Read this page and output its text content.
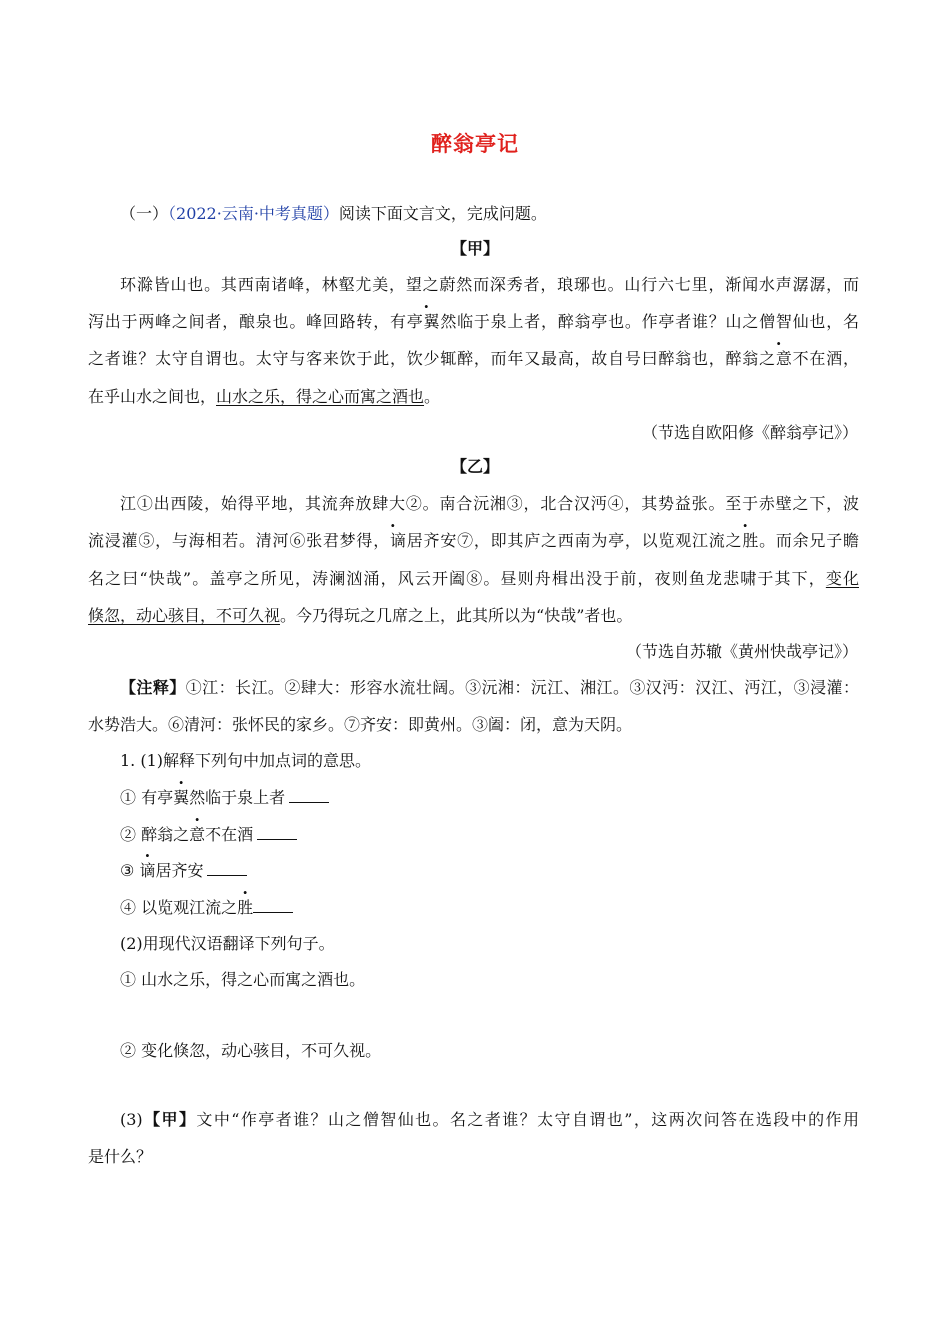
醉翁亭记
（一）（2022·云南·中考真题）阅读下面文言文，完成问题。
【甲】
环滁皆山也。其西南诸峰，林壑尤美，望之蔚然而深秀者，琅琊也。山行六七里，渐闻水声潺潺，而
泻出于两峰之间者，酿泉也。峰回路转，有亭翼然临于泉上者，醉翁亭也。作亭者谁？山之僧智仙也，名
之者谁？太守自谓也。太守与客来饮于此，饮少辄醉，而年又最高，故自号曰醉翁也，醉翁之意不在酒，
在乎山水之间也，山水之乐，得之心而寓之酒也。
（节选自欧阳修《醉翁亭记》）
【乙】
江①出西陵，始得平地，其流奔放肆大②。南合沅湘③，北合汉沔④，其势益张。至于赤壁之下，波
流浸灌⑤，与海相若。清河⑥张君梦得，谪居齐安⑦，即其庐之西南为亭，以览观江流之胜。而余兄子瞻
名之曰“快哉”。盖亭之所见，涛澜汹涌，风云开阖⑧。昼则舟楫出没于前，夜则鱼龙悲啸于其下，变化
倏忽，动心骇目，不可久视。今乃得玩之几席之上，此其所以为“快哉”者也。
（节选自苏辙《黄州快哉亭记》）
【注释】①江：长江。②肆大：形容水流壮阔。③沅湘：沅江、湘江。③汉沔：汉江、沔江，③浸灌：
水势浩大。⑥清河：张怀民的家乡。⑦齐安：即黄州。③阖：闭，意为天阴。
1. (1)解释下列句中加点词的意思。
① 有亭翼然临于泉上者
② 醉翁之意不在酒
③ 谪居齐安
④ 以览观江流之胜
(2)用现代汉语翻译下列句子。
① 山水之乐，得之心而寓之酒也。
② 变化倏忽，动心骇目，不可久视。
(3)【甲】文中“作亭者谁？山之僧智仙也。名之者谁？太守自谓也”，这两次问答在选段中的作用
是什么？
